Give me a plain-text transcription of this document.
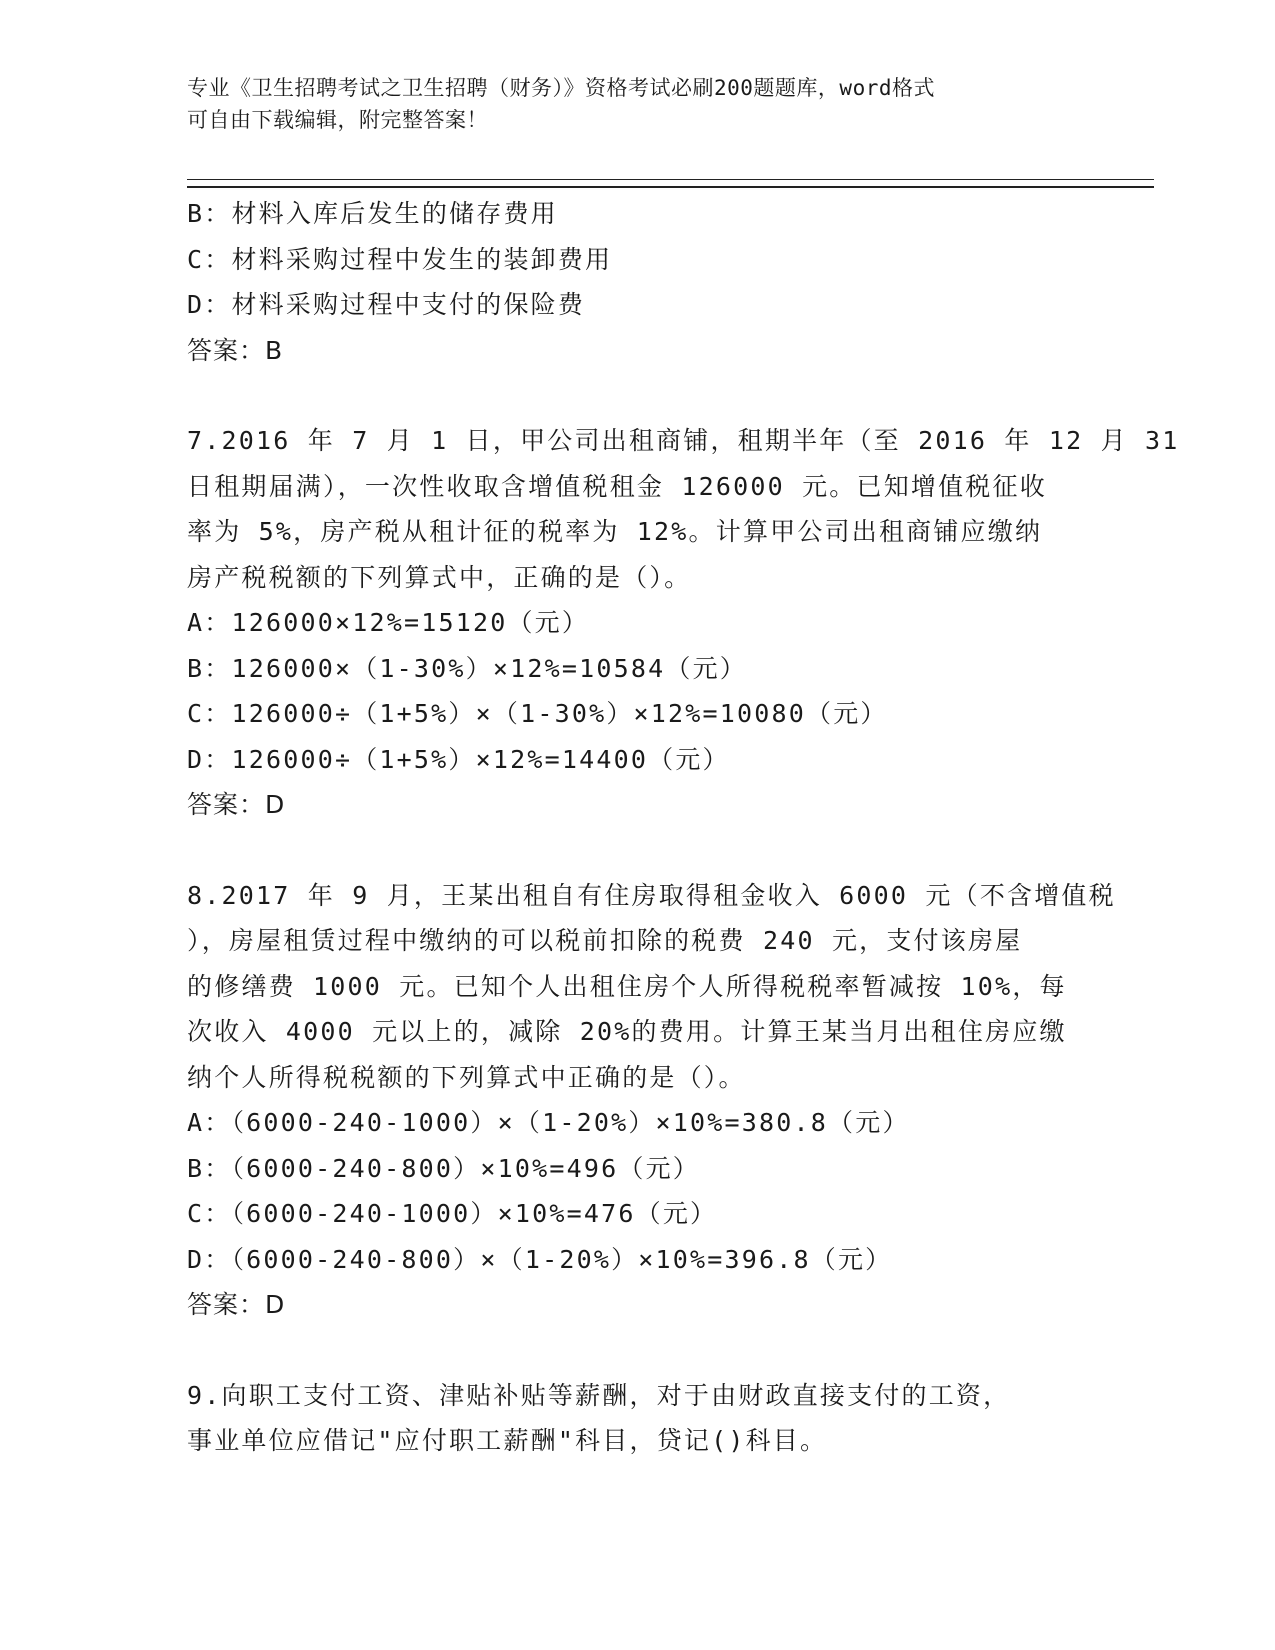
专业《卫生招聘考试之卫生招聘（财务）》资格考试必刷200题题库，word格式
可自由下载编辑，附完整答案！
B：材料入库后发生的储存费用
C：材料采购过程中发生的装卸费用
D：材料采购过程中支付的保险费
答案：B
7.2016 年 7 月 1 日，甲公司出租商铺，租期半年（至 2016 年 12 月 31
日租期届满），一次性收取含增值税租金 126000 元。已知增值税征收
率为 5%，房产税从租计征的税率为 12%。计算甲公司出租商铺应缴纳
房产税税额的下列算式中，正确的是（）。
A：126000×12%=15120（元）
B：126000×（1-30%）×12%=10584（元）
C：126000÷（1+5%）×（1-30%）×12%=10080（元）
D：126000÷（1+5%）×12%=14400（元）
答案：D
8.2017 年 9 月，王某出租自有住房取得租金收入 6000 元（不含增值税
），房屋租赁过程中缴纳的可以税前扣除的税费 240 元，支付该房屋
的修缮费 1000 元。已知个人出租住房个人所得税税率暂减按 10%，每
次收入 4000 元以上的，减除 20%的费用。计算王某当月出租住房应缴
纳个人所得税税额的下列算式中正确的是（）。
A：（6000-240-1000）×（1-20%）×10%=380.8（元）
B：（6000-240-800）×10%=496（元）
C：（6000-240-1000）×10%=476（元）
D：（6000-240-800）×（1-20%）×10%=396.8（元）
答案：D
9.向职工支付工资、津贴补贴等薪酬，对于由财政直接支付的工资，
事业单位应借记"应付职工薪酬"科目，贷记()科目。
